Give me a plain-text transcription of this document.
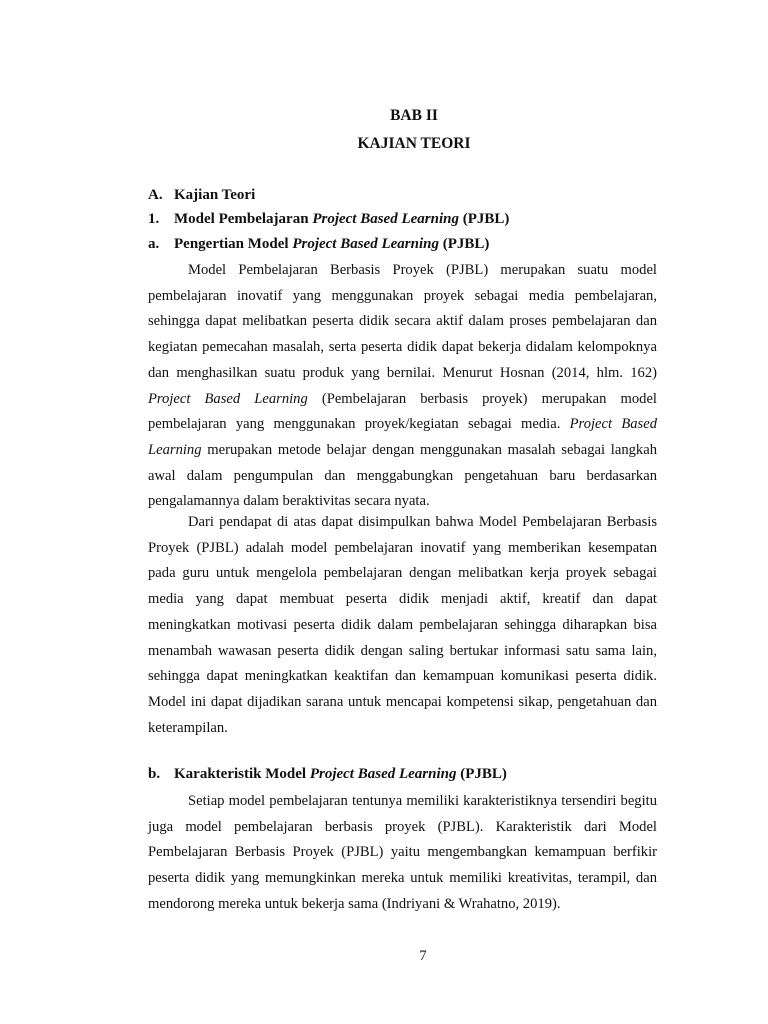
BAB II
KAJIAN TEORI
A. Kajian Teori
1. Model Pembelajaran Project Based Learning (PJBL)
a. Pengertian Model Project Based Learning (PJBL)

Model Pembelajaran Berbasis Proyek (PJBL) merupakan suatu model pembelajaran inovatif yang menggunakan proyek sebagai media pembelajaran, sehingga dapat melibatkan peserta didik secara aktif dalam proses pembelajaran dan kegiatan pemecahan masalah, serta peserta didik dapat bekerja didalam kelompoknya dan menghasilkan suatu produk yang bernilai. Menurut Hosnan (2014, hlm. 162) Project Based Learning (Pembelajaran berbasis proyek) merupakan model pembelajaran yang menggunakan proyek/kegiatan sebagai media. Project Based Learning merupakan metode belajar dengan menggunakan masalah sebagai langkah awal dalam pengumpulan dan menggabungkan pengetahuan baru berdasarkan pengalamannya dalam beraktivitas secara nyata.

Dari pendapat di atas dapat disimpulkan bahwa Model Pembelajaran Berbasis Proyek (PJBL) adalah model pembelajaran inovatif yang memberikan kesempatan pada guru untuk mengelola pembelajaran dengan melibatkan kerja proyek sebagai media yang dapat membuat peserta didik menjadi aktif, kreatif dan dapat meningkatkan motivasi peserta didik dalam pembelajaran sehingga diharapkan bisa menambah wawasan peserta didik dengan saling bertukar informasi satu sama lain, sehingga dapat meningkatkan keaktifan dan kemampuan komunikasi peserta didik. Model ini dapat dijadikan sarana untuk mencapai kompetensi sikap, pengetahuan dan keterampilan.

b. Karakteristik Model Project Based Learning (PJBL)

Setiap model pembelajaran tentunya memiliki karakteristiknya tersendiri begitu juga model pembelajaran berbasis proyek (PJBL). Karakteristik dari Model Pembelajaran Berbasis Proyek (PJBL) yaitu mengembangkan kemampuan berfikir peserta didik yang memungkinkan mereka untuk memiliki kreativitas, terampil, dan mendorong mereka untuk bekerja sama (Indriyani & Wrahatno, 2019).

7
